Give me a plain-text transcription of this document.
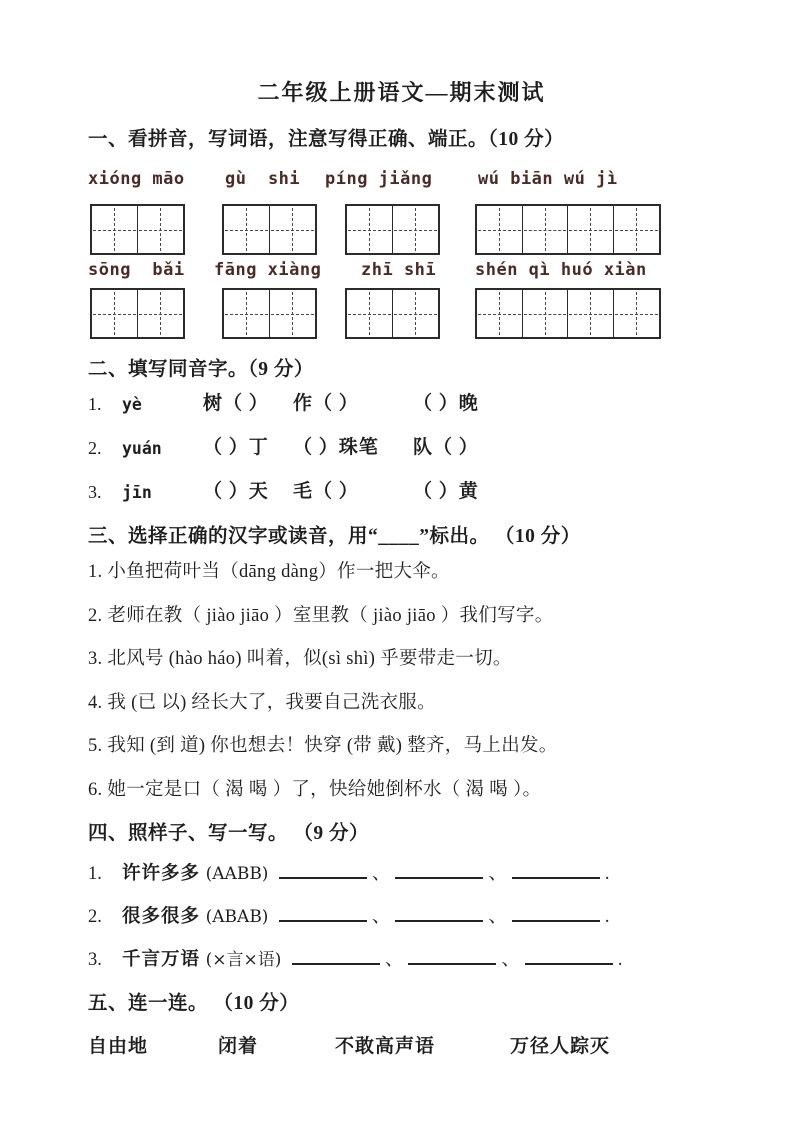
二年级上册语文—期末测试
一、看拼音，写词语，注意写得正确、端正。（10 分）
xióng māo gù  shi píng jiǎng	wú biān wú jì
sōng  bǎi fāng xiàng zhī shī shén qì huó xiàn
二、填写同音字。（9 分）
1. yè	树（ ）	作（ ）	（ ）晚
2. yuán	（ ）丁	（ ）珠笔	队（ ）
3. jīn	（ ）天	毛（ ）	（ ）黄
三、选择正确的汉字或读音，用“____”标出。 （10 分）

1. 小鱼把荷叶当（dāng dàng）作一把大伞。

2. 老师在教（ jiào jiāo ）室里教（ jiào jiāo ）我们写字。

3. 北风号 (hào háo) 叫着，似(sì shì) 乎要带走一切。

4. 我 (已 以) 经长大了，我要自己洗衣服。

5. 我知 (到 道) 你也想去！快穿 (带 戴) 整齐，马上出发。

6. 她一定是口（ 渴 喝 ）了，快给她倒杯水（ 渴 喝 ）。

四、照样子、写一写。 （9 分）
1.许许多多 (AABB)	、	、	.
2.很多很多 (ABAB)	、	、	.
3.千言万语 (×言×语)	、	、	.
五、连一连。 （10 分）
自由地	闭着	不敢高声语	万径人踪灭
